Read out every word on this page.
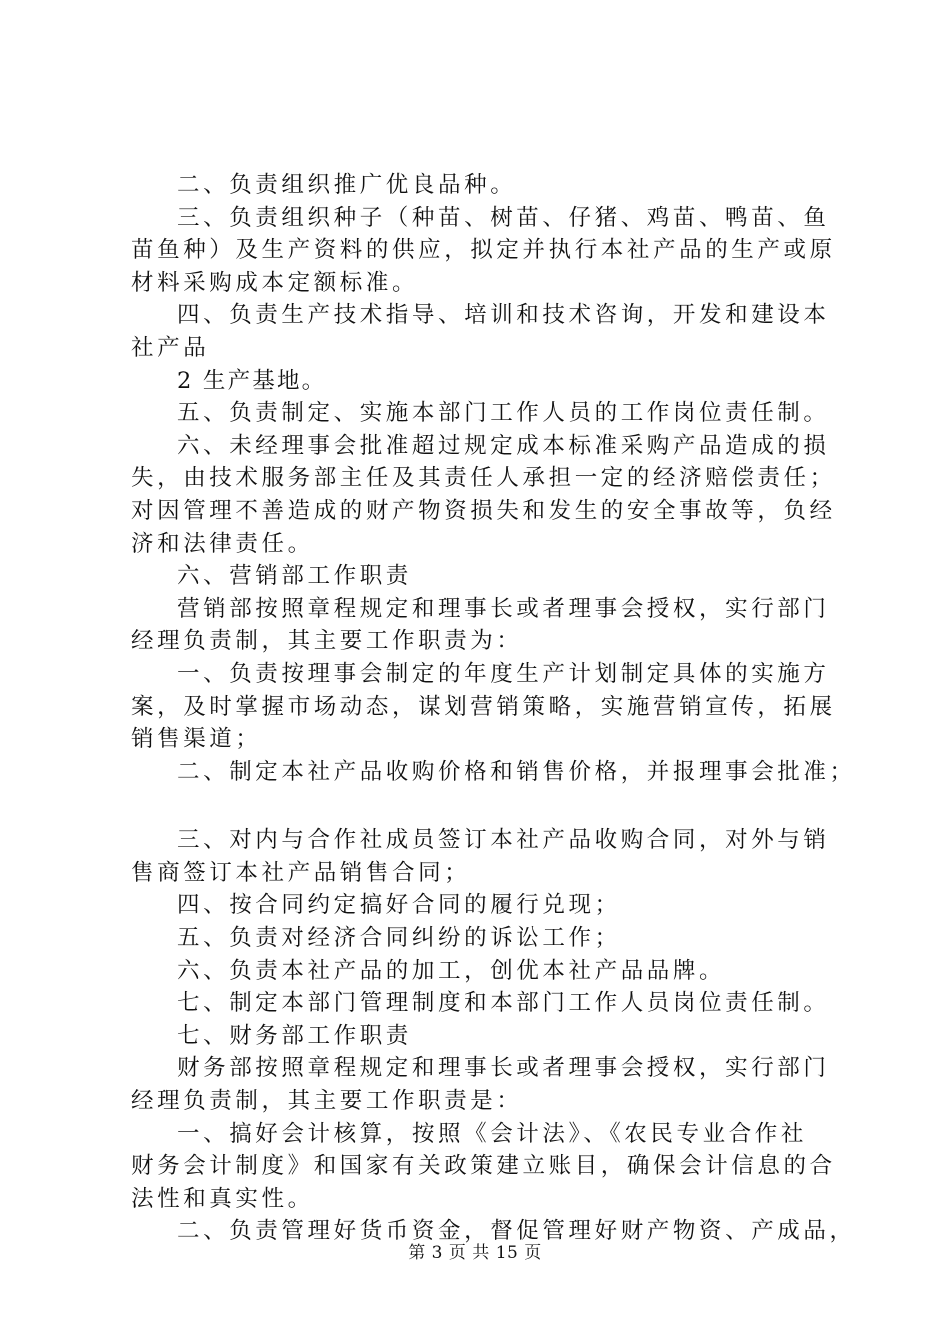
二、负责组织推广优良品种。
三、负责组织种子（种苗、树苗、仔猪、鸡苗、鸭苗、鱼
苗鱼种）及生产资料的供应，拟定并执行本社产品的生产或原
材料采购成本定额标准。
四、负责生产技术指导、培训和技术咨询，开发和建设本
社产品
2 生产基地。
五、负责制定、实施本部门工作人员的工作岗位责任制。
六、未经理事会批准超过规定成本标准采购产品造成的损
失，由技术服务部主任及其责任人承担一定的经济赔偿责任；
对因管理不善造成的财产物资损失和发生的安全事故等，负经
济和法律责任。
六、营销部工作职责
营销部按照章程规定和理事长或者理事会授权，实行部门
经理负责制，其主要工作职责为：
一、负责按理事会制定的年度生产计划制定具体的实施方
案，及时掌握市场动态，谋划营销策略，实施营销宣传，拓展
销售渠道；
二、制定本社产品收购价格和销售价格，并报理事会批准；
三、对内与合作社成员签订本社产品收购合同，对外与销
售商签订本社产品销售合同；
四、按合同约定搞好合同的履行兑现；
五、负责对经济合同纠纷的诉讼工作；
六、负责本社产品的加工，创优本社产品品牌。
七、制定本部门管理制度和本部门工作人员岗位责任制。
七、财务部工作职责
财务部按照章程规定和理事长或者理事会授权，实行部门
经理负责制，其主要工作职责是：
一、搞好会计核算，按照《会计法》、《农民专业合作社
财务会计制度》和国家有关政策建立账目，确保会计信息的合
法性和真实性。
二、负责管理好货币资金，督促管理好财产物资、产成品，
第 3 页 共 15 页
